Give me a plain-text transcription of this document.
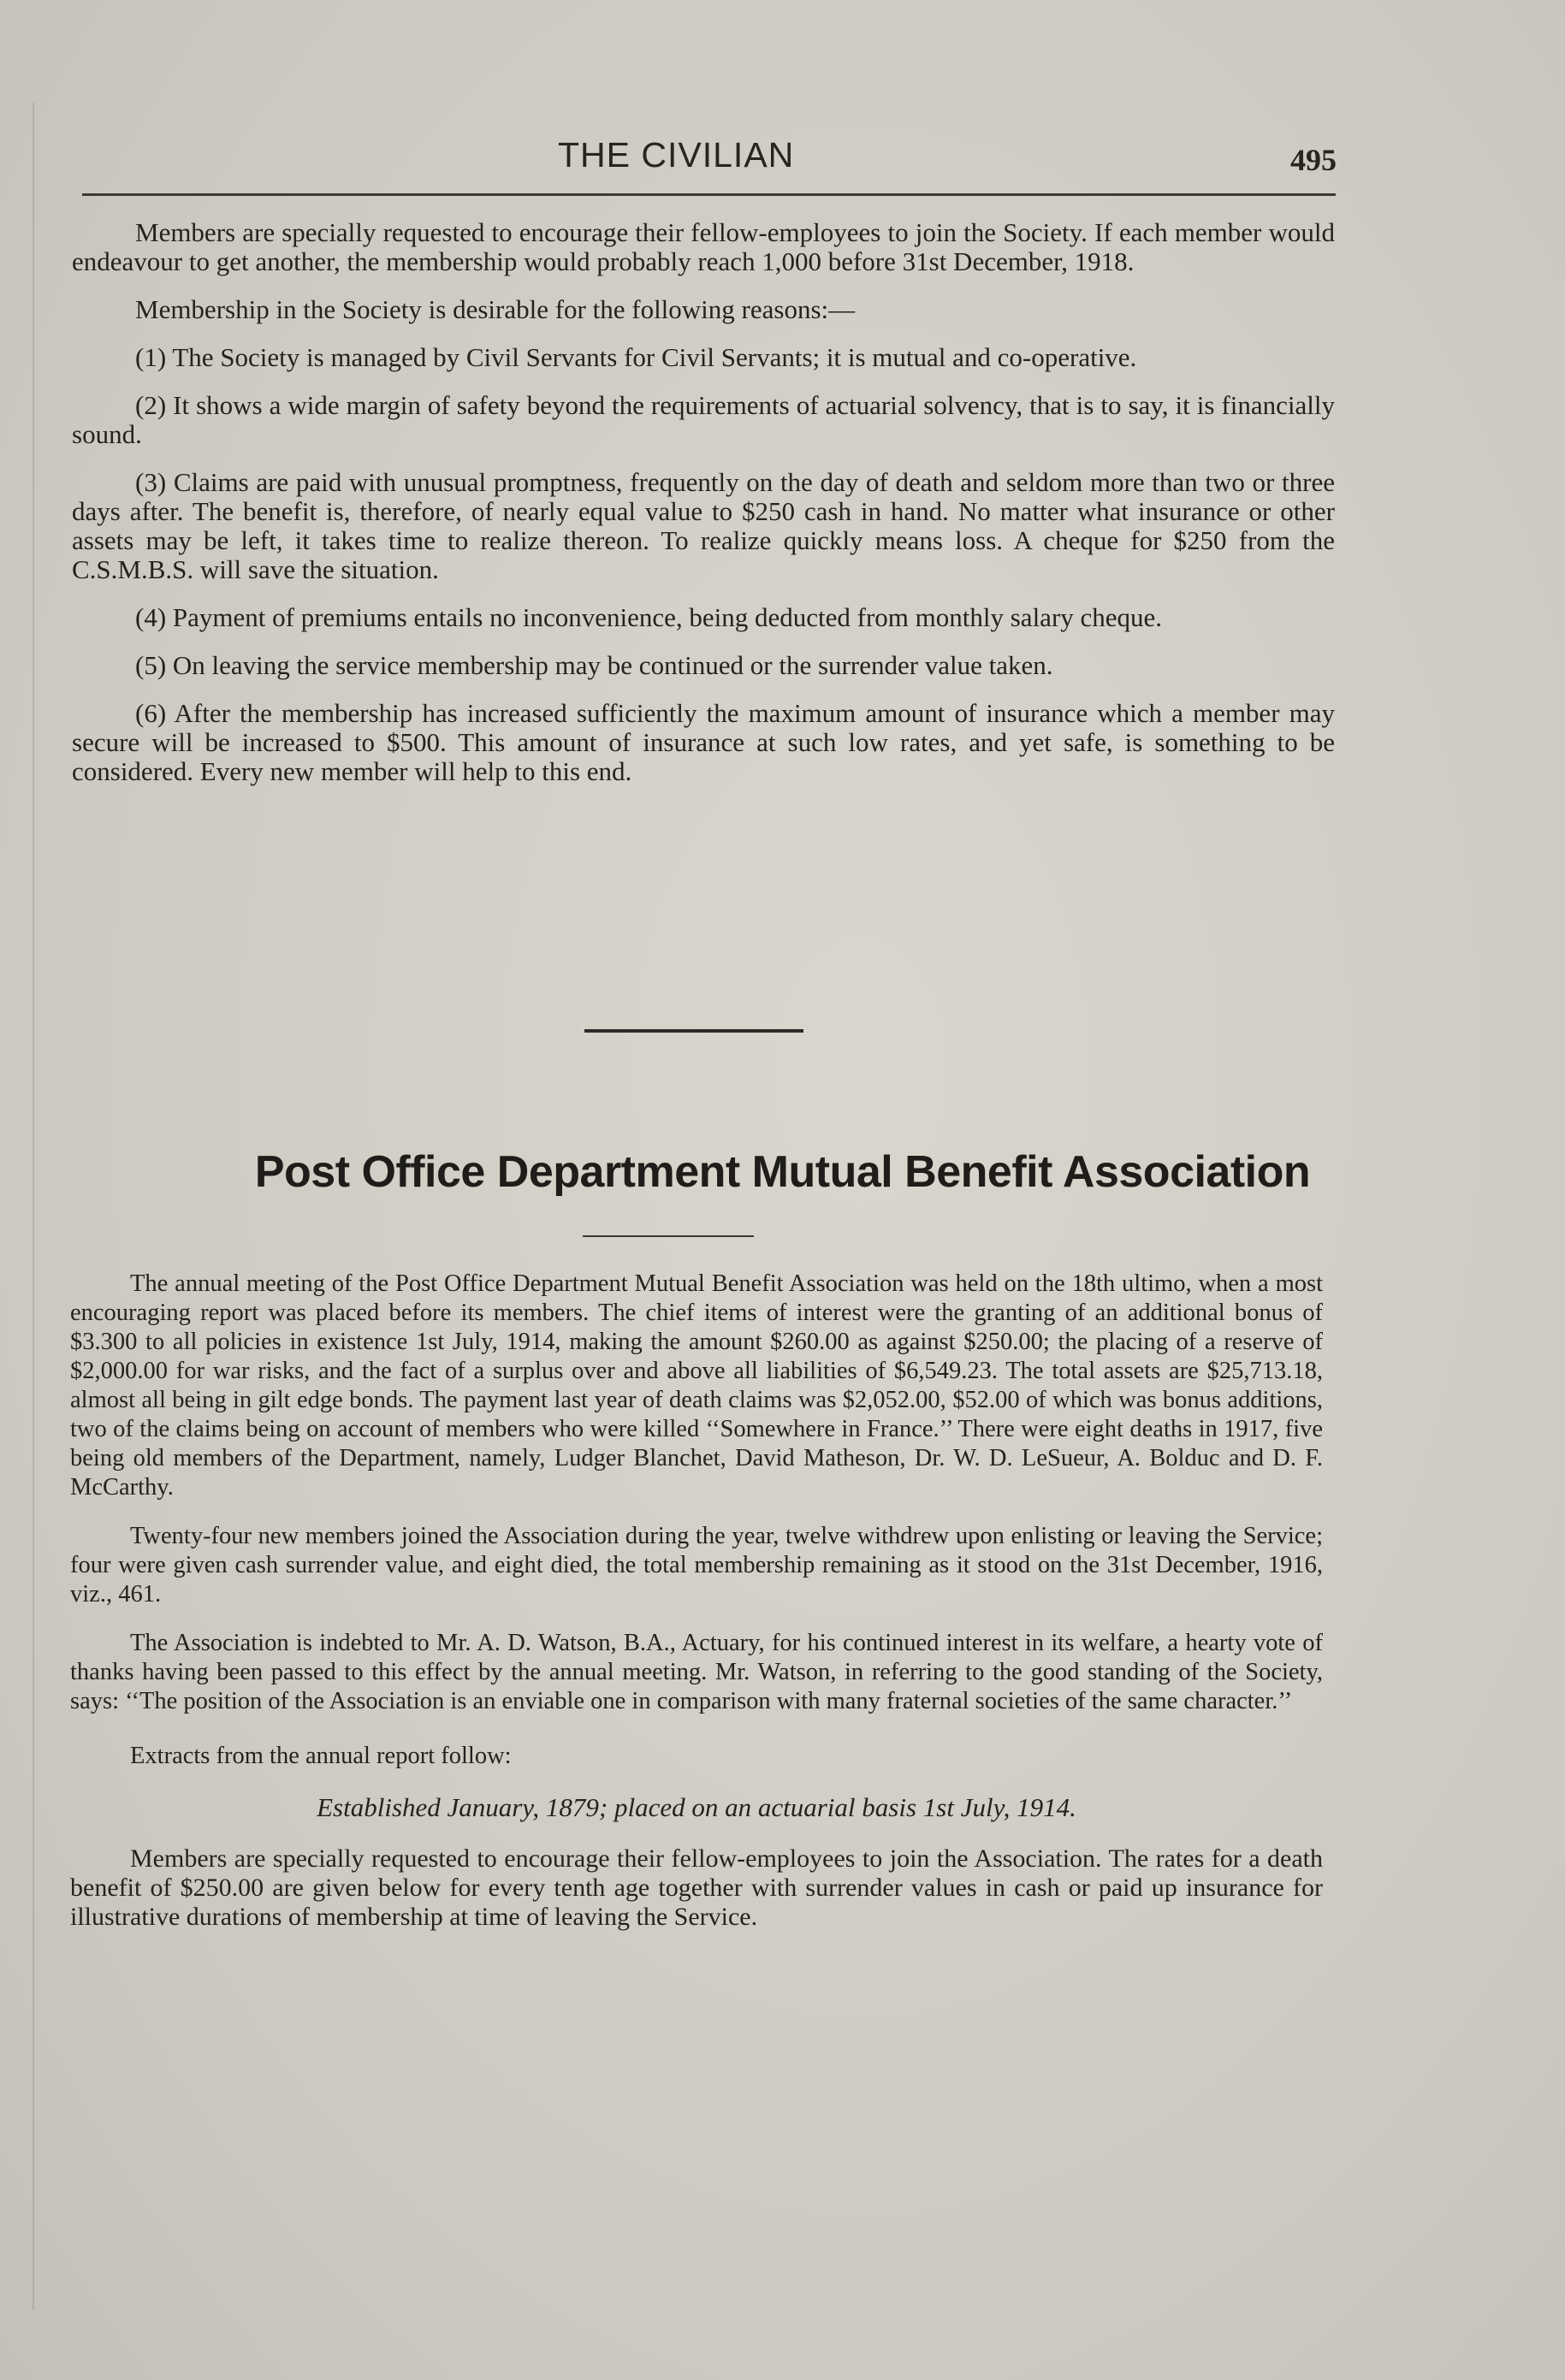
THE CIVILIAN	495

Members are specially requested to encourage their fellow-employees to join the Society. If each member would endeavour to get another, the membership would probably reach 1,000 before 31st December, 1918.

Membership in the Society is desirable for the following reasons:—

(1) The Society is managed by Civil Servants for Civil Servants; it is mutual and co-operative.

(2) It shows a wide margin of safety beyond the requirements of actuarial solvency, that is to say, it is financially sound.

(3) Claims are paid with unusual promptness, frequently on the day of death and seldom more than two or three days after. The benefit is, therefore, of nearly equal value to $250 cash in hand. No matter what insurance or other assets may be left, it takes time to realize thereon. To realize quickly means loss. A cheque for $250 from the C.S.M.B.S. will save the situation.

(4) Payment of premiums entails no inconvenience, being deducted from monthly salary cheque.

(5) On leaving the service membership may be continued or the surrender value taken.

(6) After the membership has increased sufficiently the maximum amount of insurance which a member may secure will be increased to $500. This amount of insurance at such low rates, and yet safe, is something to be considered. Every new member will help to this end.

Post Office Department Mutual Benefit Association

The annual meeting of the Post Office Department Mutual Benefit Association was held on the 18th ultimo, when a most encouraging report was placed before its members. The chief items of interest were the granting of an additional bonus of $3.300 to all policies in existence 1st July, 1914, making the amount $260.00 as against $250.00; the placing of a reserve of $2,000.00 for war risks, and the fact of a surplus over and above all liabilities of $6,549.23. The total assets are $25,713.18, almost all being in gilt edge bonds. The payment last year of death claims was $2,052.00, $52.00 of which was bonus additions, two of the claims being on account of members who were killed ‘‘Somewhere in France.’’ There were eight deaths in 1917, five being old members of the Department, namely, Ludger Blanchet, David Matheson, Dr. W. D. LeSueur, A. Bolduc and D. F. McCarthy.

Twenty-four new members joined the Association during the year, twelve withdrew upon enlisting or leaving the Service; four were given cash surrender value, and eight died, the total membership remaining as it stood on the 31st December, 1916, viz., 461.

The Association is indebted to Mr. A. D. Watson, B.A., Actuary, for his continued interest in its welfare, a hearty vote of thanks having been passed to this effect by the annual meeting. Mr. Watson, in referring to the good standing of the Society, says: ‘‘The position of the Association is an enviable one in comparison with many fraternal societies of the same character.’’

Extracts from the annual report follow:

Established January, 1879; placed on an actuarial basis 1st July, 1914.

Members are specially requested to encourage their fellow-employees to join the Association. The rates for a death benefit of $250.00 are given below for every tenth age together with surrender values in cash or paid up insurance for illustrative durations of membership at time of leaving the Service.
